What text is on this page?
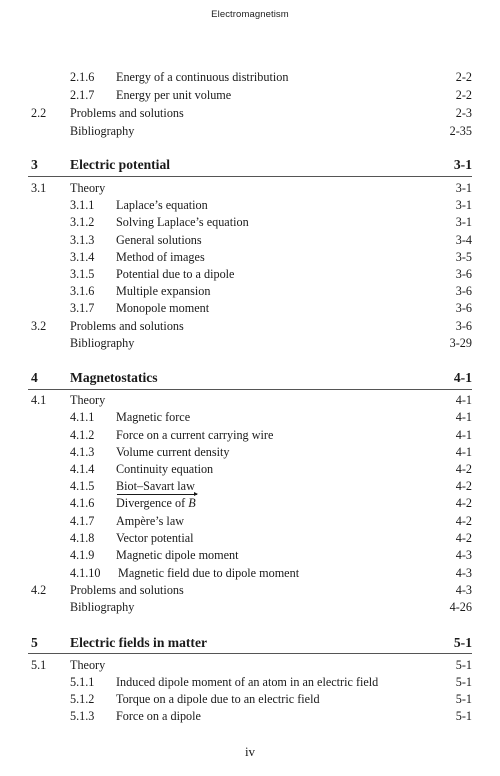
Electromagnetism
2.1.6 Energy of a continuous distribution	2-2
2.1.7 Energy per unit volume	2-2
2.2 Problems and solutions	2-3
Bibliography	2-35
3 Electric potential	3-1
3.1 Theory	3-1
3.1.1 Laplace’s equation	3-1
3.1.2 Solving Laplace’s equation	3-1
3.1.3 General solutions	3-4
3.1.4 Method of images	3-5
3.1.5 Potential due to a dipole	3-6
3.1.6 Multiple expansion	3-6
3.1.7 Monopole moment	3-6
3.2 Problems and solutions	3-6
Bibliography	3-29
4 Magnetostatics	4-1
4.1 Theory	4-1
4.1.1 Magnetic force	4-1
4.1.2 Force on a current carrying wire	4-1
4.1.3 Volume current density	4-1
4.1.4 Continuity equation	4-2
4.1.5 Biot–Savart law	4-2
4.1.6 Divergence of B	4-2
4.1.7 Ampère’s law	4-2
4.1.8 Vector potential	4-2
4.1.9 Magnetic dipole moment	4-3
4.1.10 Magnetic field due to dipole moment	4-3
4.2 Problems and solutions	4-3
Bibliography	4-26
5 Electric fields in matter	5-1
5.1 Theory	5-1
5.1.1 Induced dipole moment of an atom in an electric field	5-1
5.1.2 Torque on a dipole due to an electric field	5-1
5.1.3 Force on a dipole	5-1
iv
